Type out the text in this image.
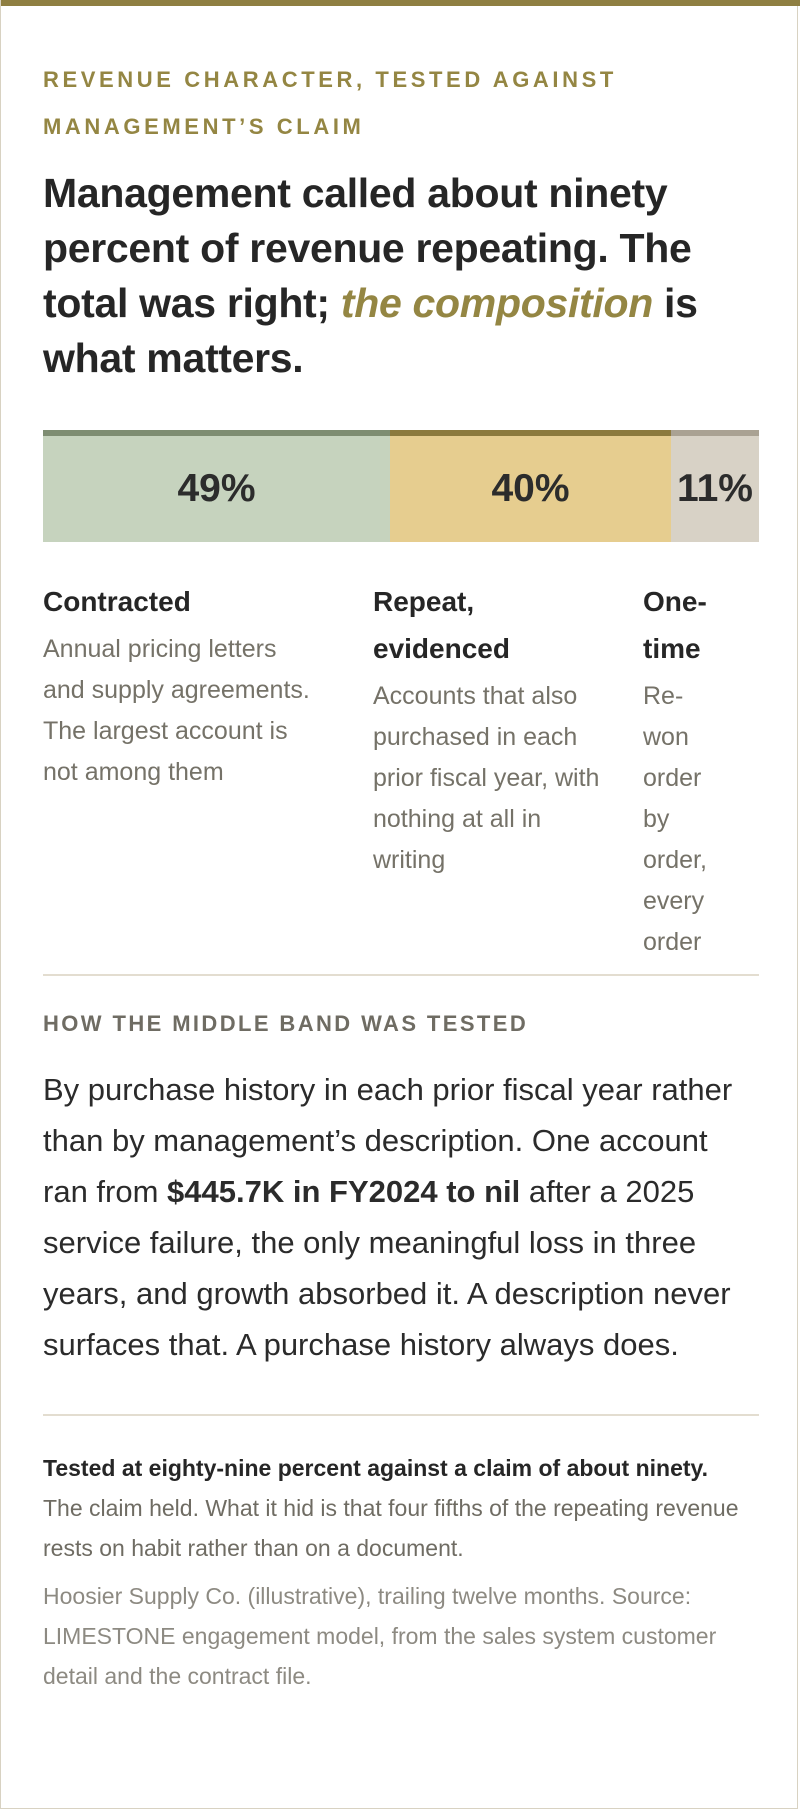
REVENUE CHARACTER, TESTED AGAINST
MANAGEMENT’S CLAIM

Management called about ninety percent of revenue repeating. The total was right; the composition is what matters.
49%	40%	11%

Contracted

Annual pricing letters and supply agreements. The largest account is not among them

Repeat, evidenced

Accounts that also purchased in each prior fiscal year, with nothing at all in writing

One-time

Re-won order by order, every order

HOW THE MIDDLE BAND WAS TESTED

By purchase history in each prior fiscal year rather than by management’s description. One account ran from $445.7K in FY2024 to nil after a 2025 service failure, the only meaningful loss in three years, and growth absorbed it. A description never surfaces that. A purchase history always does.

Tested at eighty-nine percent against a claim of about ninety.

The claim held. What it hid is that four fifths of the repeating revenue rests on habit rather than on a document.

Hoosier Supply Co. (illustrative), trailing twelve months. Source: LIMESTONE engagement model, from the sales system customer detail and the contract file.
